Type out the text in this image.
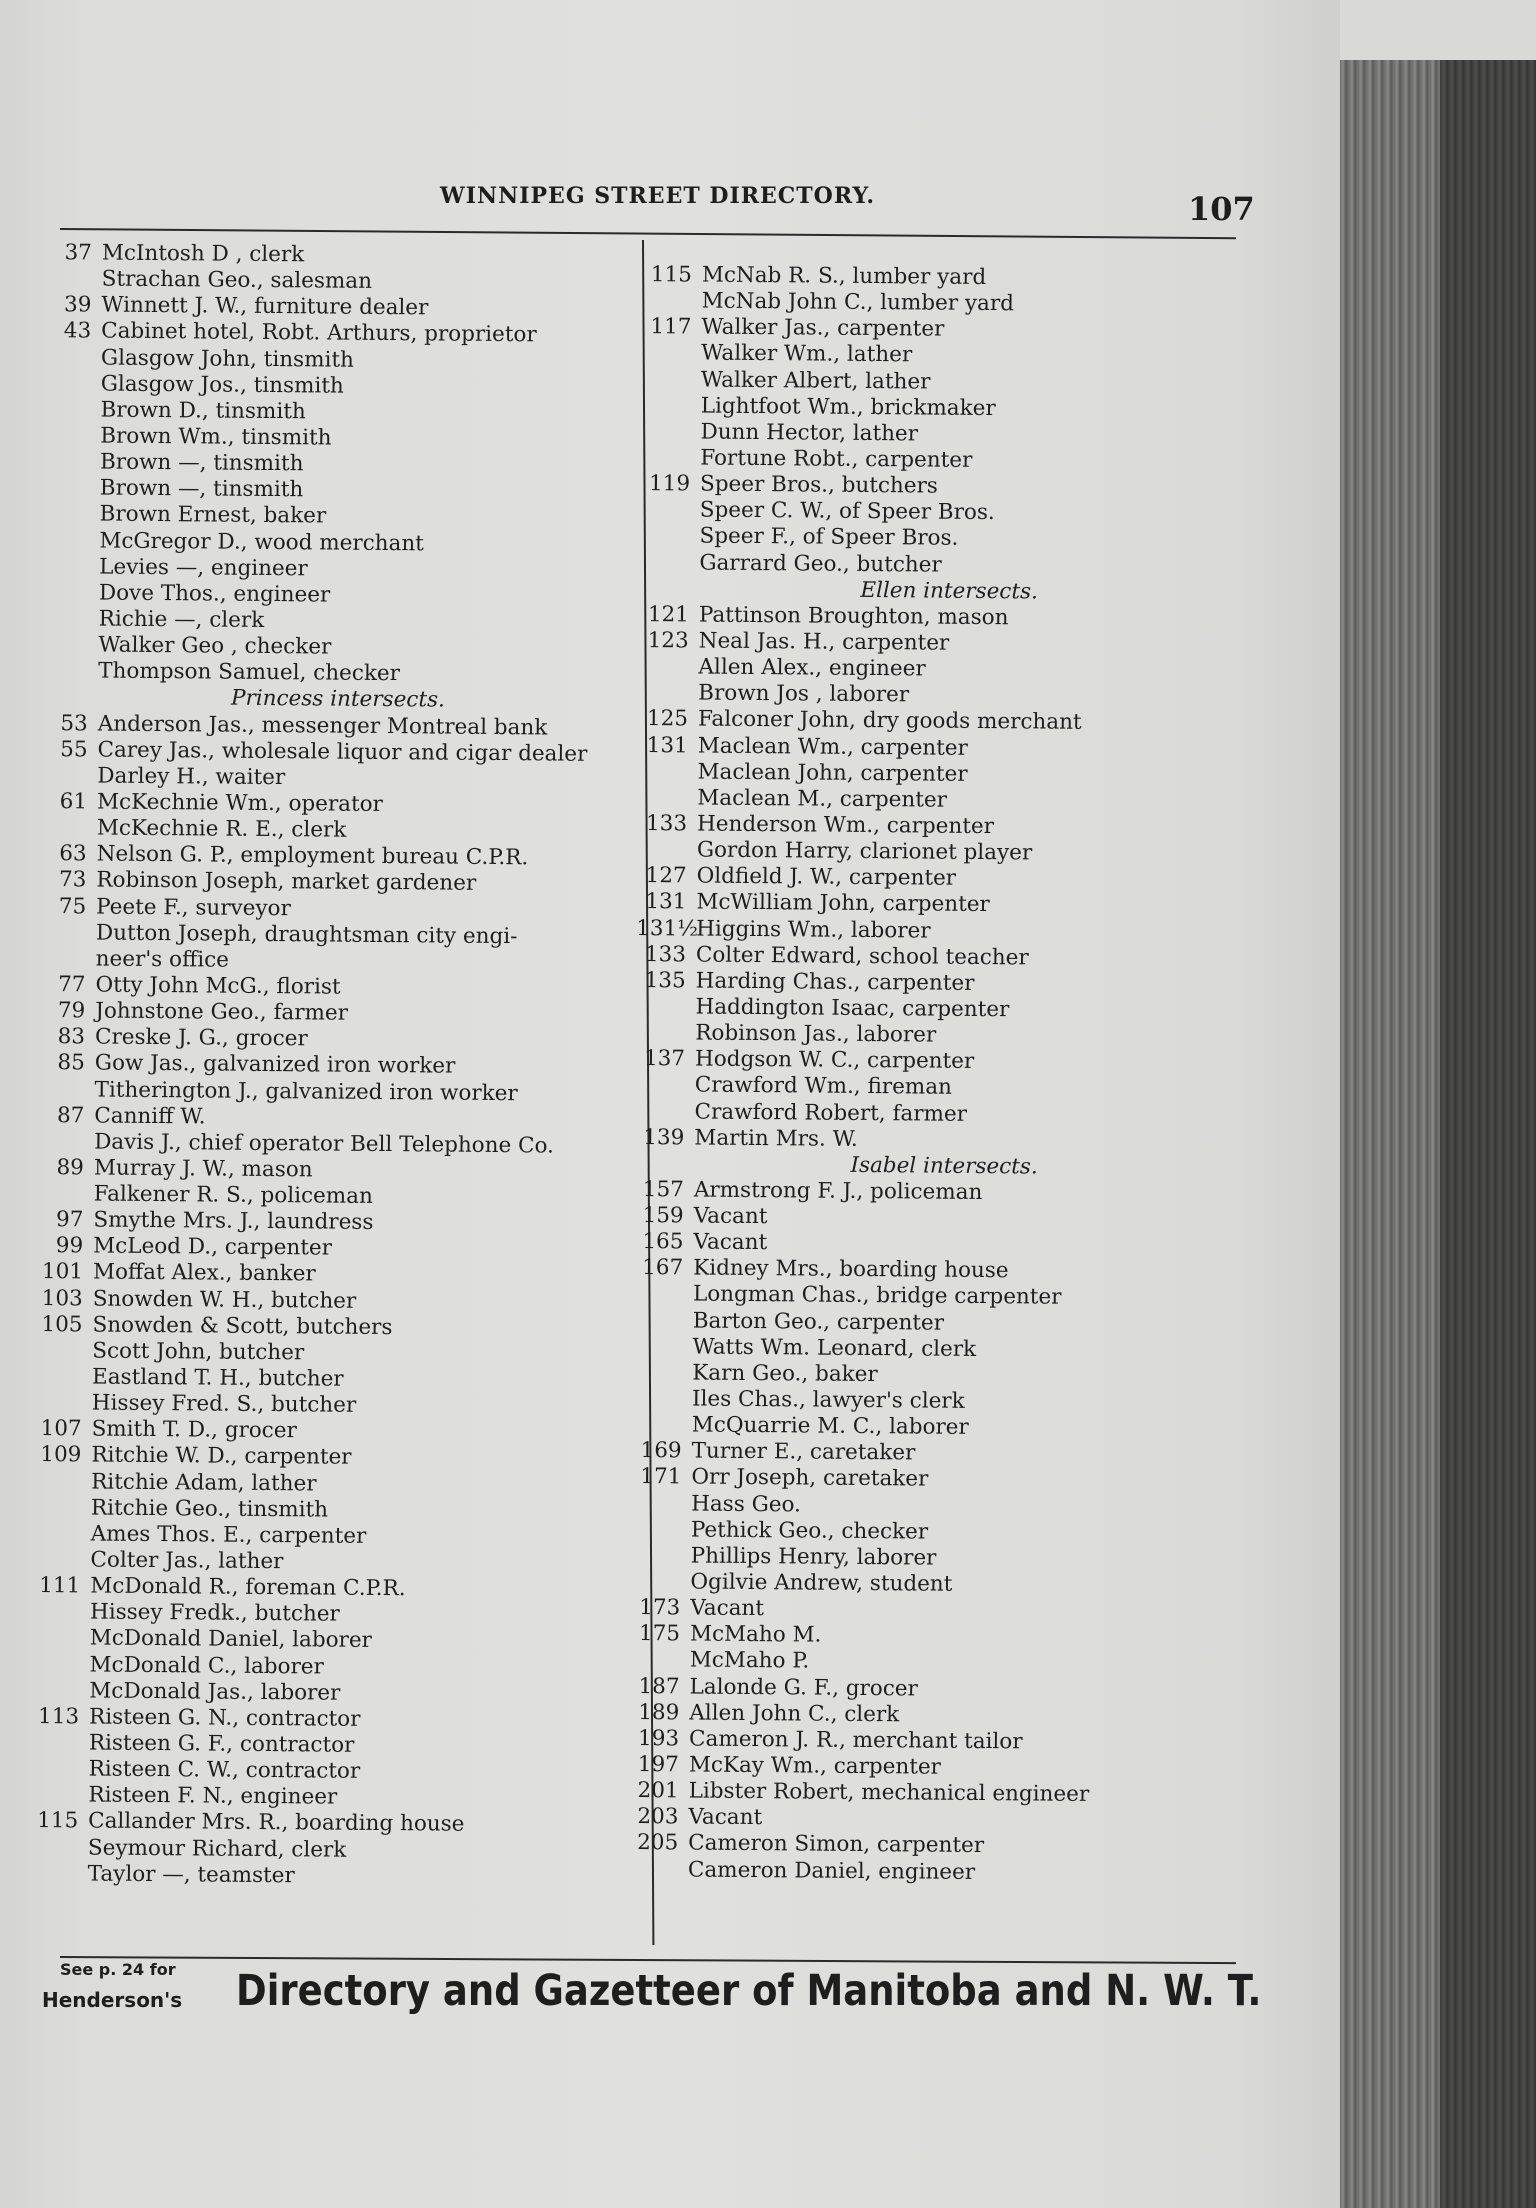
WINNIPEG STREET DIRECTORY.	107
37 McIntosh D , clerk
Strachan Geo., salesman
39 Winnett J. W., furniture dealer
43 Cabinet hotel, Robt. Arthurs, proprietor
Glasgow John, tinsmith
Glasgow Jos., tinsmith
Brown D., tinsmith
Brown Wm., tinsmith
Brown —, tinsmith
Brown —, tinsmith
Brown Ernest, baker
McGregor D., wood merchant
Levies —, engineer
Dove Thos., engineer
Richie —, clerk
Walker Geo , checker
Thompson Samuel, checker
Princess intersects.
53 Anderson Jas., messenger Montreal bank
55 Carey Jas., wholesale liquor and cigar dealer
Darley H., waiter
61 McKechnie Wm., operator
McKechnie R. E., clerk
63 Nelson G. P., employment bureau C.P.R.
73 Robinson Joseph, market gardener
75 Peete F., surveyor
Dutton Joseph, draughtsman city engi-
neer's office
77 Otty John McG., florist
79 Johnstone Geo., farmer
83 Creske J. G., grocer
85 Gow Jas., galvanized iron worker
Titherington J., galvanized iron worker
87 Canniff W.
Davis J., chief operator Bell Telephone Co.
89 Murray J. W., mason
Falkener R. S., policeman
97 Smythe Mrs. J., laundress
99 McLeod D., carpenter
101 Moffat Alex., banker
103 Snowden W. H., butcher
105 Snowden & Scott, butchers
Scott John, butcher
Eastland T. H., butcher
Hissey Fred. S., butcher
107 Smith T. D., grocer
109 Ritchie W. D., carpenter
Ritchie Adam, lather
Ritchie Geo., tinsmith
Ames Thos. E., carpenter
Colter Jas., lather
111 McDonald R., foreman C.P.R.
Hissey Fredk., butcher
McDonald Daniel, laborer
McDonald C., laborer
McDonald Jas., laborer
113 Risteen G. N., contractor
Risteen G. F., contractor
Risteen C. W., contractor
Risteen F. N., engineer
115 Callander Mrs. R., boarding house
Seymour Richard, clerk
Taylor —, teamster
115 McNab R. S., lumber yard
McNab John C., lumber yard
117 Walker Jas., carpenter
Walker Wm., lather
Walker Albert, lather
Lightfoot Wm., brickmaker
Dunn Hector, lather
Fortune Robt., carpenter
119 Speer Bros., butchers
Speer C. W., of Speer Bros.
Speer F., of Speer Bros.
Garrard Geo., butcher
Ellen intersects.
121 Pattinson Broughton, mason
123 Neal Jas. H., carpenter
Allen Alex., engineer
Brown Jos , laborer
125 Falconer John, dry goods merchant
131 Maclean Wm., carpenter
Maclean John, carpenter
Maclean M., carpenter
133 Henderson Wm., carpenter
Gordon Harry, clarionet player
127 Oldfield J. W., carpenter
131 McWilliam John, carpenter
131½
Higgins Wm., laborer
133 Colter Edward, school teacher
135 Harding Chas., carpenter
Haddington Isaac, carpenter
Robinson Jas., laborer
137 Hodgson W. C., carpenter
Crawford Wm., fireman
Crawford Robert, farmer
139 Martin Mrs. W.
Isabel intersects.
157 Armstrong F. J., policeman
159 Vacant
165 Vacant
167 Kidney Mrs., boarding house
Longman Chas., bridge carpenter
Barton Geo., carpenter
Watts Wm. Leonard, clerk
Karn Geo., baker
Iles Chas., lawyer's clerk
McQuarrie M. C., laborer
169 Turner E., caretaker
171 Orr Joseph, caretaker
Hass Geo.
Pethick Geo., checker
Phillips Henry, laborer
Ogilvie Andrew, student
173 Vacant
175 McMaho M.
McMaho P.
187 Lalonde G. F., grocer
189 Allen John C., clerk
193 Cameron J. R., merchant tailor
197 McKay Wm., carpenter
201 Libster Robert, mechanical engineer
203 Vacant
205 Cameron Simon, carpenter
Cameron Daniel, engineer
See p. 24 for
Henderson's Directory and Gazetteer of Manitoba and N. W. T.
